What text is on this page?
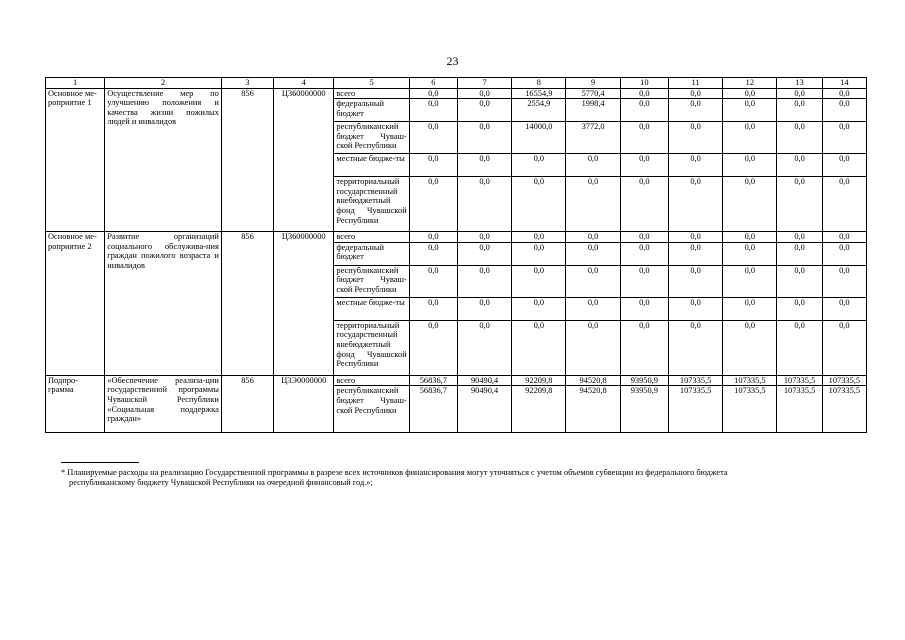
23
1	2	3	4	5	6	7	8	9	10	11	12	13	14
Основное ме-роприятие 1	Осуществление мер по улучшению положения и качества жизни пожилых людей и инвалидов	856	Ц360000000	всего	0,0	0,0	16554,9	5770,4	0,0	0,0	0,0	0,0	0,0
				федеральный бюджет	0,0	0,0	2554,9	1998,4	0,0	0,0	0,0	0,0	0,0
				республиканский бюджет Чуваш-ской Республики	0,0	0,0	14000,0	3772,0	0,0	0,0	0,0	0,0	0,0
				местные бюдже-ты	0,0	0,0	0,0	0,0	0,0	0,0	0,0	0,0	0,0
				территориальный государственный внебюджетный фонд Чувашской Республики	0,0	0,0	0,0	0,0	0,0	0,0	0,0	0,0	0,0
Основное ме-роприятие 2	Развитие организаций социального обслужива-ния граждан пожилого возраста и инвалидов	856	Ц360000000	всего	0,0	0,0	0,0	0,0	0,0	0,0	0,0	0,0	0,0
				федеральный бюджет	0,0	0,0	0,0	0,0	0,0	0,0	0,0	0,0	0,0
				республиканский бюджет Чуваш-ской Республики	0,0	0,0	0,0	0,0	0,0	0,0	0,0	0,0	0,0
				местные бюдже-ты	0,0	0,0	0,0	0,0	0,0	0,0	0,0	0,0	0,0
				территориальный государственный внебюджетный фонд Чувашской Республики	0,0	0,0	0,0	0,0	0,0	0,0	0,0	0,0	0,0
Подпро-грамма	«Обеспечение реализа-ции государственной программы Чувашской Республики «Социальная поддержка граждан»	856	Ц3Э0000000	всего	56836,7	90490,4	92209,8	94520,8	93950,9	107335,5	107335,5	107335,5	107335,5
				республиканский бюджет Чуваш-ской Республики	56836,7	90490,4	92209,8	94520,8	93950,9	107335,5	107335,5	107335,5	107335,5
* Планируемые расходы на реализацию Государственной программы в разрезе всех источников финансирования могут уточняться с учетом объемов субвенции из федерального бюджета
республиканскому бюджету Чувашской Республики на очередной финансовый год.»;
